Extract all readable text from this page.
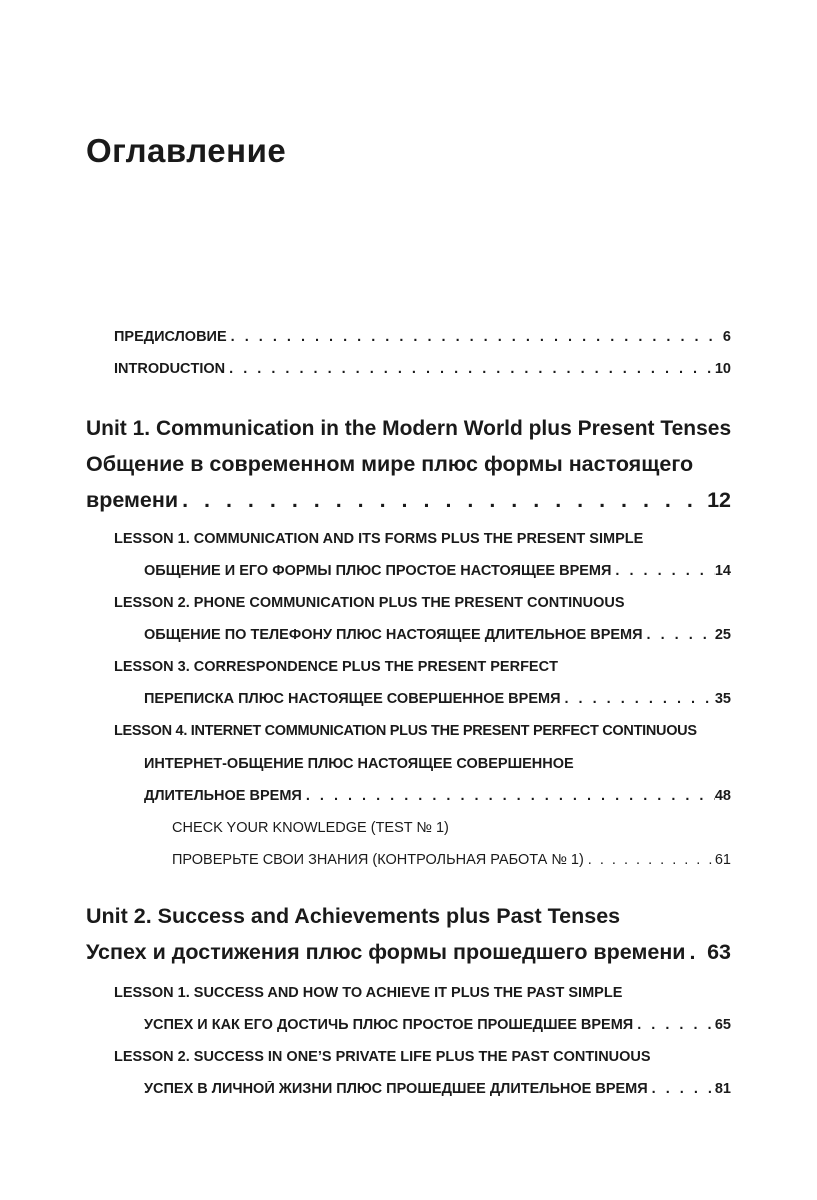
Оглавление
ПРЕДИСЛОВИЕ . . .	6
INTRODUCTION . . .	10
Unit 1. Communication in the Modern World plus Present Tenses
Общение в современном мире плюс формы настоящего
времени . . .	12
LESSON 1. COMMUNICATION AND ITS FORMS PLUS THE PRESENT SIMPLE
ОБЩЕНИЕ И ЕГО ФОРМЫ ПЛЮС ПРОСТОЕ НАСТОЯЩЕЕ ВРЕМЯ . . .	14
LESSON 2. PHONE COMMUNICATION PLUS THE PRESENT CONTINUOUS
ОБЩЕНИЕ ПО ТЕЛЕФОНУ ПЛЮС НАСТОЯЩЕЕ ДЛИТЕЛЬНОЕ ВРЕМЯ . . .	25
LESSON 3. CORRESPONDENCE PLUS THE PRESENT PERFECT
ПЕРЕПИСКА ПЛЮС НАСТОЯЩЕЕ СОВЕРШЕННОЕ ВРЕМЯ . . .	35
LESSON 4. INTERNET COMMUNICATION PLUS THE PRESENT PERFECT CONTINUOUS
ИНТЕРНЕТ-ОБЩЕНИЕ ПЛЮС НАСТОЯЩЕЕ СОВЕРШЕННОЕ
ДЛИТЕЛЬНОЕ ВРЕМЯ . . .	48
CHECK YOUR KNOWLEDGE (TEST № 1)
ПРОВЕРЬТЕ СВОИ ЗНАНИЯ (КОНТРОЛЬНАЯ РАБОТА № 1) . . .	61
Unit 2. Success and Achievements plus Past Tenses
Успех и достижения плюс формы прошедшего времени . . . 63
LESSON 1. SUCCESS AND HOW TO ACHIEVE IT PLUS THE PAST SIMPLE
УСПЕХ И КАК ЕГО ДОСТИЧЬ ПЛЮС ПРОСТОЕ ПРОШЕДШЕЕ ВРЕМЯ . . .	65
LESSON 2. SUCCESS IN ONE’S PRIVATE LIFE PLUS THE PAST CONTINUOUS
УСПЕХ В ЛИЧНОЙ ЖИЗНИ ПЛЮС ПРОШЕДШЕЕ ДЛИТЕЛЬНОЕ ВРЕМЯ . . .	81
